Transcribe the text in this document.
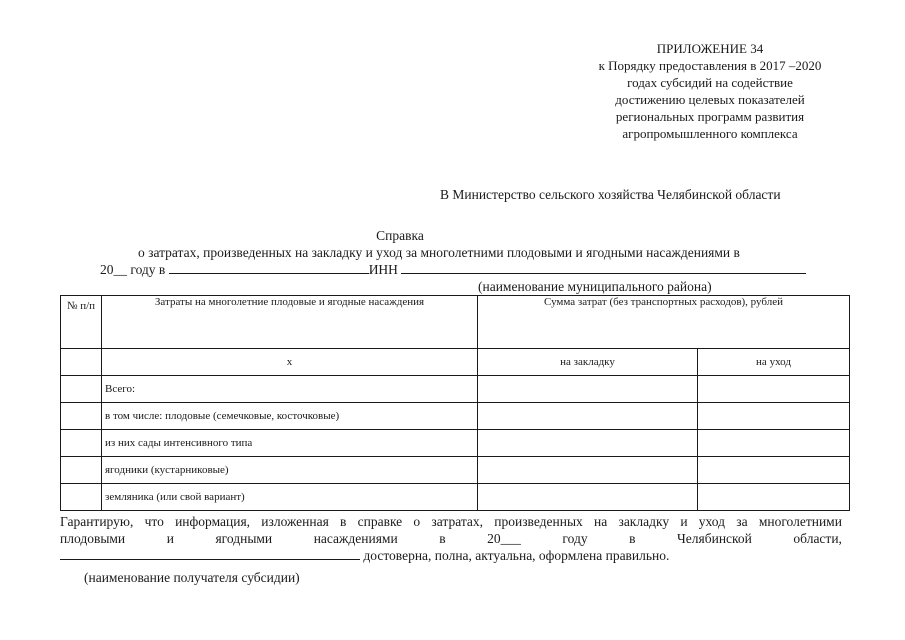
ПРИЛОЖЕНИЕ 34
к Порядку предоставления в 2017 –2020
годах субсидий на содействие
достижению целевых показателей
региональных программ развития
агропромышленного комплекса
В Министерство сельского хозяйства Челябинской области
Справка
о затратах, произведенных на закладку и уход за многолетними плодовыми и ягодными насаждениями в
20__ году в	ИНН
(наименование муниципального района)
№ п/п	Затраты на многолетние плодовые и ягодные насаждения	Сумма затрат (без транспортных расходов), рублей	
	x	на закладку	на уход
	Всего:		
	в том числе: плодовые (семечковые, косточковые)		
	из них сады интенсивного типа		
	ягодники (кустарниковые)		
	земляника (или свой вариант)		
Гарантирую, что информация, изложенная в справке о затратах, произведенных на закладку и уход за многолетними
плодовыми	и	ягодными	насаждениями	в	20___	году	в	Челябинской	области,
достоверна, полна, актуальна, оформлена правильно.
(наименование получателя субсидии)
